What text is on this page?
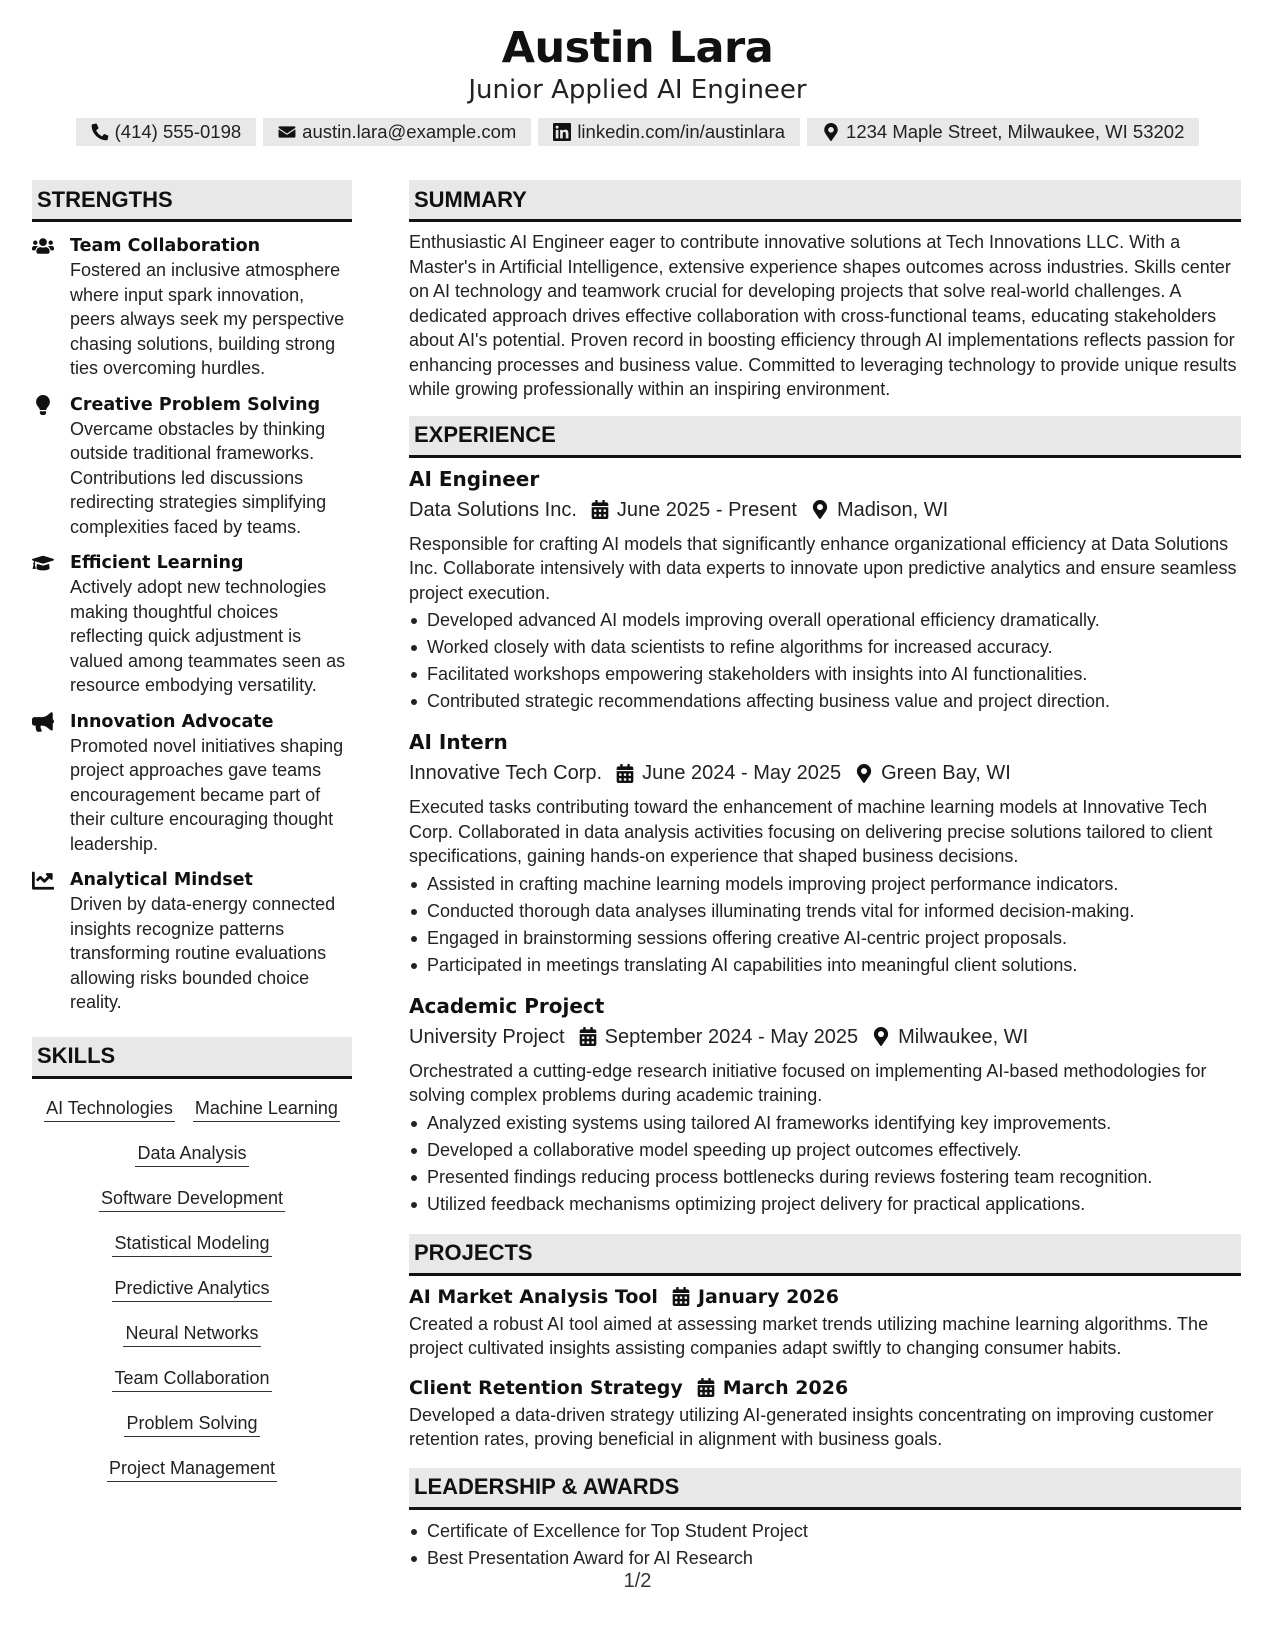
Austin Lara
Junior Applied AI Engineer
(414) 555-0198	austin.lara@example.com	linkedin.com/in/austinlara	1234 Maple Street, Milwaukee, WI 53202
STRENGTHS
Team Collaboration
Fostered an inclusive atmosphere where input spark innovation, peers always seek my perspective chasing solutions, building strong ties overcoming hurdles.
Creative Problem Solving
Overcame obstacles by thinking outside traditional frameworks. Contributions led discussions redirecting strategies simplifying complexities faced by teams.
Efficient Learning
Actively adopt new technologies making thoughtful choices reflecting quick adjustment is valued among teammates seen as resource embodying versatility.
Innovation Advocate
Promoted novel initiatives shaping project approaches gave teams encouragement became part of their culture encouraging thought leadership.
Analytical Mindset
Driven by data-energy connected insights recognize patterns transforming routine evaluations allowing risks bounded choice reality.
SKILLS
AI Technologies Machine Learning
Data Analysis
Software Development
Statistical Modeling
Predictive Analytics
Neural Networks
Team Collaboration
Problem Solving
Project Management
SUMMARY
Enthusiastic AI Engineer eager to contribute innovative solutions at Tech Innovations LLC. With a Master's in Artificial Intelligence, extensive experience shapes outcomes across industries. Skills center on AI technology and teamwork crucial for developing projects that solve real-world challenges. A dedicated approach drives effective collaboration with cross-functional teams, educating stakeholders about AI's potential. Proven record in boosting efficiency through AI implementations reflects passion for enhancing processes and business value. Committed to leveraging technology to provide unique results while growing professionally within an inspiring environment.
EXPERIENCE
AI Engineer
Data Solutions Inc. June 2025 - Present Madison, WI
Responsible for crafting AI models that significantly enhance organizational efficiency at Data Solutions Inc. Collaborate intensively with data experts to innovate upon predictive analytics and ensure seamless project execution.
Developed advanced AI models improving overall operational efficiency dramatically.
Worked closely with data scientists to refine algorithms for increased accuracy.
Facilitated workshops empowering stakeholders with insights into AI functionalities.
Contributed strategic recommendations affecting business value and project direction.
AI Intern
Innovative Tech Corp. June 2024 - May 2025 Green Bay, WI
Executed tasks contributing toward the enhancement of machine learning models at Innovative Tech Corp. Collaborated in data analysis activities focusing on delivering precise solutions tailored to client specifications, gaining hands-on experience that shaped business decisions.
Assisted in crafting machine learning models improving project performance indicators.
Conducted thorough data analyses illuminating trends vital for informed decision-making.
Engaged in brainstorming sessions offering creative AI-centric project proposals.
Participated in meetings translating AI capabilities into meaningful client solutions.
Academic Project
University Project September 2024 - May 2025 Milwaukee, WI
Orchestrated a cutting-edge research initiative focused on implementing AI-based methodologies for solving complex problems during academic training.
Analyzed existing systems using tailored AI frameworks identifying key improvements.
Developed a collaborative model speeding up project outcomes effectively.
Presented findings reducing process bottlenecks during reviews fostering team recognition.
Utilized feedback mechanisms optimizing project delivery for practical applications.
PROJECTS
AI Market Analysis Tool January 2026
Created a robust AI tool aimed at assessing market trends utilizing machine learning algorithms. The project cultivated insights assisting companies adapt swiftly to changing consumer habits.
Client Retention Strategy March 2026
Developed a data-driven strategy utilizing AI-generated insights concentrating on improving customer retention rates, proving beneficial in alignment with business goals.
LEADERSHIP & AWARDS
Certificate of Excellence for Top Student Project
Best Presentation Award for AI Research
1/2
